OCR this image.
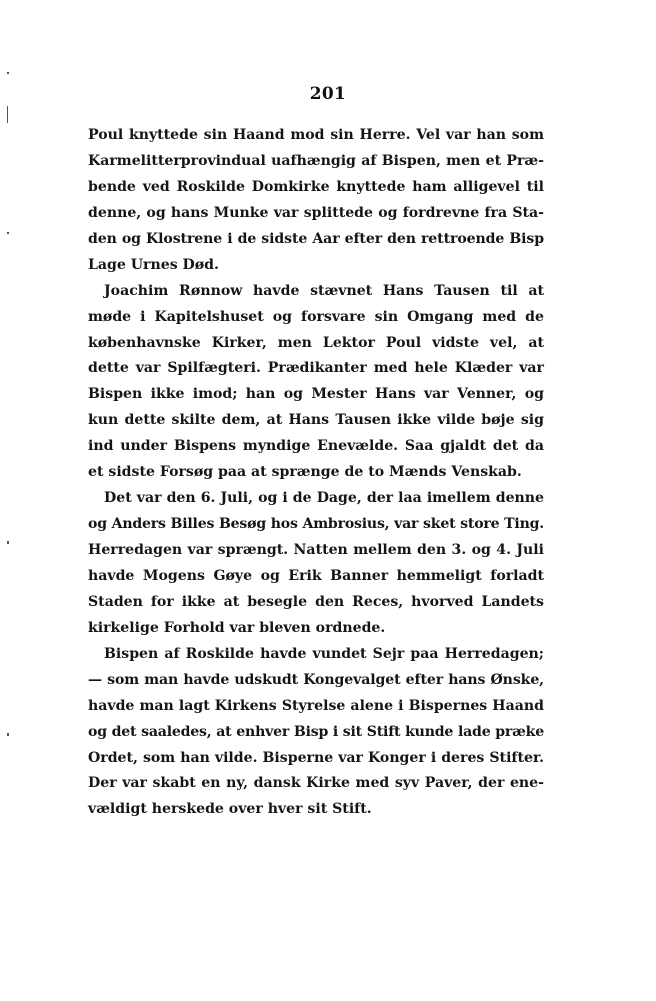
201
Poul knyttede sin Haand mod sin Herre. Vel var han som
Karmelitterprovindual uafhængig af Bispen, men et Præ-
bende ved Roskilde Domkirke knyttede ham alligevel til
denne, og hans Munke var splittede og fordrevne fra Sta-
den og Klostrene i de sidste Aar efter den rettroende Bisp
Lage Urnes Død.
Joachim Rønnow havde stævnet Hans Tausen til at
møde i Kapitelshuset og forsvare sin Omgang med de
københavnske Kirker, men Lektor Poul vidste vel, at
dette var Spilfægteri. Prædikanter med hele Klæder var
Bispen ikke imod; han og Mester Hans var Venner, og
kun dette skilte dem, at Hans Tausen ikke vilde bøje sig
ind under Bispens myndige Enevælde. Saa gjaldt det da
et sidste Forsøg paa at sprænge de to Mænds Venskab.
Det var den 6. Juli, og i de Dage, der laa imellem denne
og Anders Billes Besøg hos Ambrosius, var sket store Ting.
Herredagen var sprængt. Natten mellem den 3. og 4. Juli
havde Mogens Gøye og Erik Banner hemmeligt forladt
Staden for ikke at besegle den Reces, hvorved Landets
kirkelige Forhold var bleven ordnede.
Bispen af Roskilde havde vundet Sejr paa Herredagen;
— som man havde udskudt Kongevalget efter hans Ønske,
havde man lagt Kirkens Styrelse alene i Bispernes Haand
og det saaledes, at enhver Bisp i sit Stift kunde lade præke
Ordet, som han vilde. Bisperne var Konger i deres Stifter.
Der var skabt en ny, dansk Kirke med syv Paver, der ene-
vældigt herskede over hver sit Stift.
